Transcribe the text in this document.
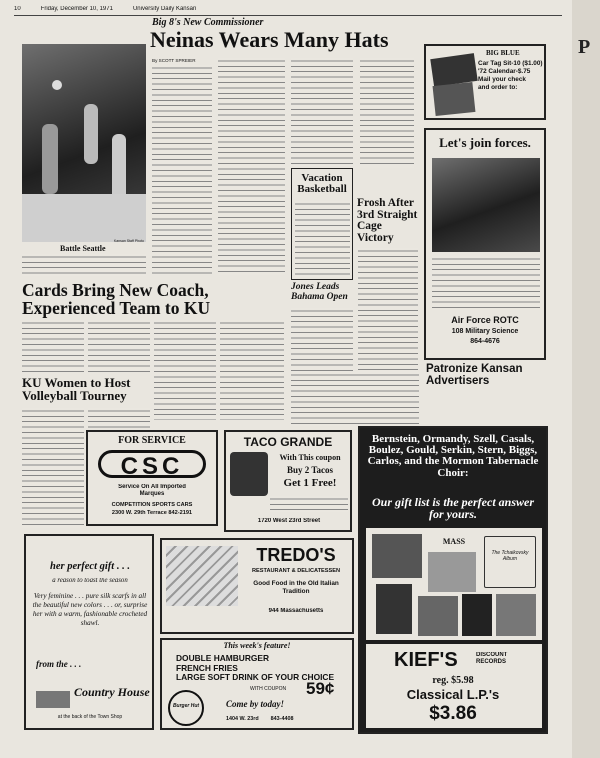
10	Friday, December 10, 1971	University Daily Kansan
Big 8's New Commissioner
Neinas Wears Many Hats
By SCOTT SPREIER
Kansan Staff Photo
Battle Seattle
Vacation Basketball
Frosh After 3rd Straight Cage Victory
Cards Bring New Coach, Experienced Team to KU
KU Women to Host Volleyball Tourney
Jones Leads Bahama Open
BIG BLUE
Car Tag Sit-10 ($1.00)
'72 Calendar-$.75
Mail your check
and order to:
Let's join forces.
Air Force ROTC
108 Military Science
864-4676
Patronize Kansan Advertisers
FOR SERVICE
CSC
Service On All Imported Marques
COMPETITION SPORTS CARS
2300 W. 29th Terrace 842-2191
TACO GRANDE
With This coupon
Buy 2 Tacos
Get 1 Free!
1720 West 23rd Street
her perfect gift . . .
a reason to toast the season
Very feminine . . . pure silk scarfs in all the beautiful new colors . . . or, surprise her with a warm, fashionable crocheted shawl.
from the . . .
Country House
at the back of the Town Shop
TREDO'S
RESTAURANT & DELICATESSEN
Good Food in the Old Italian Tradition
944 Massachusetts
This week's feature!
DOUBLE HAMBURGER
FRENCH FRIES
LARGE SOFT DRINK OF YOUR CHOICE
WITH COUPON 59¢
Burger Hut	Come by today!
1404 W. 23rd 843-4408
Bernstein, Ormandy, Szell, Casals, Boulez, Gould, Serkin, Stern, Biggs, Carlos, and the Mormon Tabernacle Choir:
Our gift list is the perfect answer for yours.
MASS
The Tchaikovsky Album
KIEF'S	DISCOUNT RECORDS
reg. $5.98
Classical L.P.'s
$3.86
P
